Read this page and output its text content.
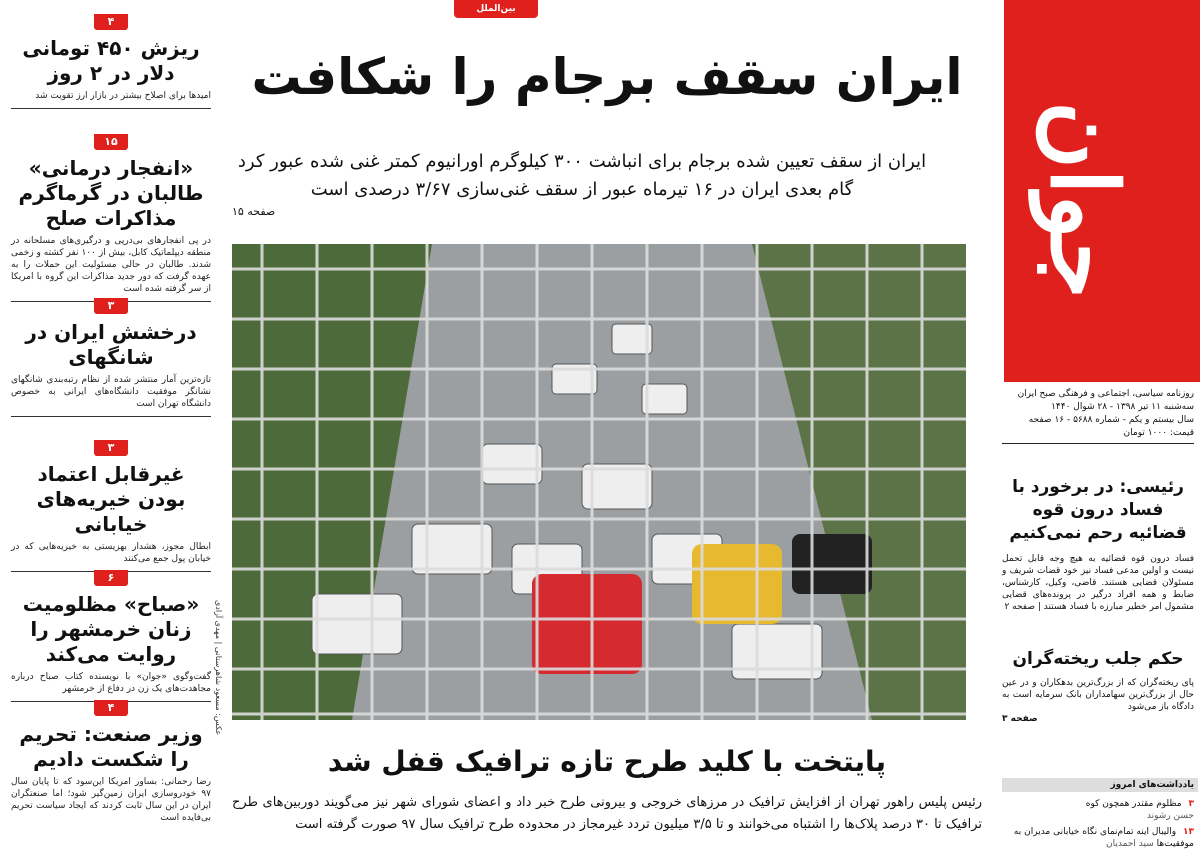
۴
ریزش ۴۵۰ تومانی دلار در ۲ روز
امیدها برای اصلاح بیشتر در بازار ارز تقویت شد
۱۵
«انفجار درمانی» طالبان در گرماگرم مذاکرات صلح
در پی انفجارهای بی‌درپی و درگیری‌های مسلحانه در منطقه دیپلماتیک کابل، بیش از ۱۰۰ نفر کشته و زخمی شدند. طالبان در حالی مسئولیت این حملات را به عهده گرفت که دور جدید مذاکرات این گروه با امریکا از سر گرفته شده است
۳
درخشش ایران در شانگهای
تازه‌ترین آمار منتشر شده از نظام رتبه‌بندی شانگهای نشانگر موفقیت دانشگاه‌های ایرانی به خصوص دانشگاه تهران است
۳
غیرقابل اعتماد بودن خیریه‌های خیابانی
ابطال مجوز، هشدار بهزیستی به خیریه‌هایی که در خیابان پول جمع می‌کنند
۶
«صباح» مظلومیت زنان خرمشهر را روایت می‌کند
گفت‌وگوی «جوان» با نویسنده کتاب صباح درباره مجاهدت‌های یک زن در دفاع از خرمشهر
۴
وزیر صنعت: تحریم را شکست دادیم
رضا رحمانی: بساور امریکا این‌سود که تا پایان سال ۹۷ خودروسازی ایران زمین‌گیر شود؛ اما صنعتگران ایران در این سال ثابت کردند که ایجاد سیاست تحریم بی‌فایده است
بین‌الملل
ایران سقف برجام را شکافت
ایران از سقف تعیین شده برجام برای انباشت ۳۰۰ کیلوگرم اورانیوم کمتر غنی شده عبور کرد
گام بعدی ایران در ۱۶ تیرماه عبور از سقف غنی‌سازی ۳/۶۷ درصدی است
صفحه ۱۵
عکس: مسعود شاهرستانی | مهدی آزادی
پایتخت با کلید طرح تازه ترافیک قفل شد
رئیس پلیس راهور تهران از افزایش ترافیک در مرزهای خروجی و بیرونی طرح خبر داد و اعضای شورای شهر نیز می‌گویند دوربین‌های طرح ترافیک تا ۳۰ درصد پلاک‌ها را اشتباه می‌خوانند و تا ۳/۵ میلیون تردد غیرمجاز در محدوده طرح ترافیک سال ۹۷ صورت گرفته است
جوان
روزنامه سیاسی، اجتماعی و فرهنگی صبح ایران
سه‌شنبه ۱۱ تیر ۱۳۹۸ - ۲۸ شوال ۱۴۴۰
سال بیستم و یکم - شماره ۵۶۸۸ - ۱۶ صفحه
قیمت: ۱۰۰۰ تومان
رئیسی: در برخورد با فساد درون قوه قضائیه رحم نمی‌کنیم
فساد درون قوه قضائیه به هیچ وجه قابل تحمل نیست و اولین مدعی فساد نیز خود قضات شریف و مسئولان قضایی هستند. قاضی، وکیل، کارشناس، ضابط و همه افراد درگیر در پرونده‌های قضایی مشمول امر خطیر مبارزه با فساد هستند | صفحه ۲
حکم جلب ریخته‌گران
پای ریخته‌گران که از بزرگ‌ترین بدهکاران و در عین حال از بزرگ‌ترین سهامداران بانک سرمایه است به دادگاه باز می‌شود
صفحه ۳
یادداشت‌های امروز
۳ مظلوم مقتدر همچون کوه
حسن رشوند
۱۳ والیبال اینه تمام‌نمای نگاه خیابانی مدیران به موفقیت‌ها سید احمدیان
